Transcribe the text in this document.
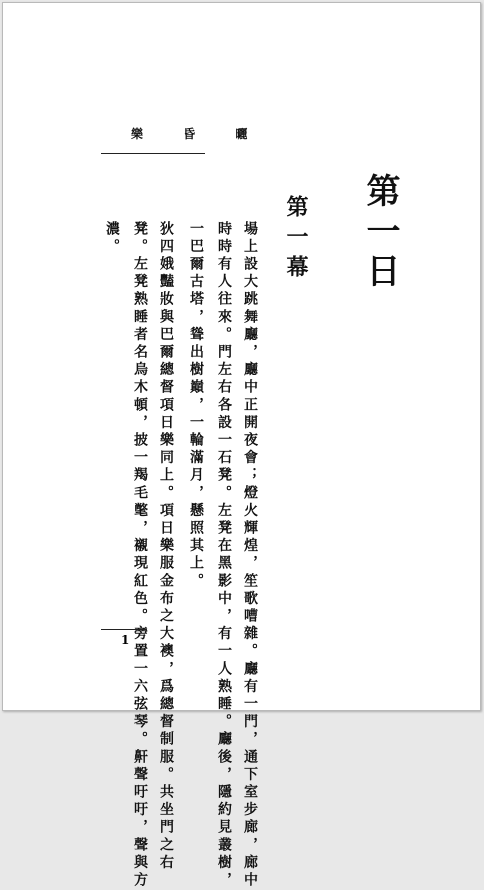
樂 昏 曬
第一日
第一幕
場上設大跳舞廳，廳中正開夜會；燈火輝煌，笙歌嘈雜。廳有一門，通下室步廊，廊中
時時有人往來。門左右各設一石凳。左凳在黑影中，有一人熟睡。廳後，隱約見叢樹，
一巴爾古塔，聳出樹巔，一輪滿月，懸照其上。
狄四娥豔妝與巴爾總督項日樂同上。項日樂服金布之大襖，爲總督制服。共坐門之右
凳。左凳熟睡者名烏木頓，披一羯毛氅，襯現紅色。旁置一六弦琴。鼾聲吁吁，聲與方
濃。
1
